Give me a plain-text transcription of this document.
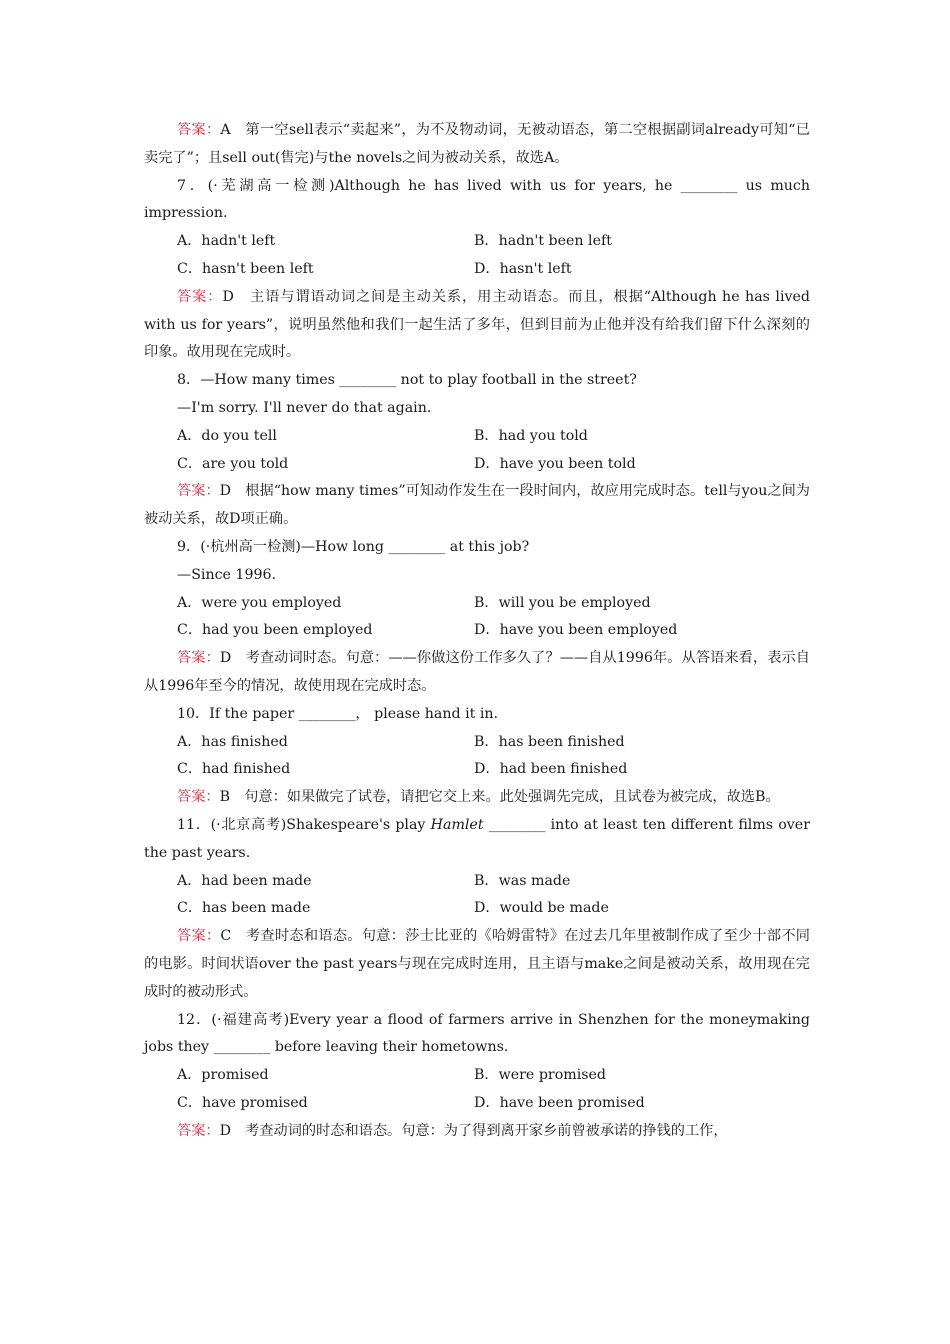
答案：A　第一空sell表示“卖起来”，为不及物动词，无被动语态，第二空根据副词already可知“已卖完了”；且sell out(售完)与the novels之间为被动关系，故选A。

7．(·芜湖高一检测)Although he has lived with us for years, he ________ us much impression.

A．hadn't left	B．hadn't been left
C．hasn't been left	D．hasn't left

答案：D　主语与谓语动词之间是主动关系，用主动语态。而且，根据“Although he has lived with us for years”，说明虽然他和我们一起生活了多年，但到目前为止他并没有给我们留下什么深刻的印象。故用现在完成时。

8．—How many times ________ not to play football in the street?

—I'm sorry. I'll never do that again.

A．do you tell	B．had you told
C．are you told	D．have you been told

答案：D　根据“how many times”可知动作发生在一段时间内，故应用完成时态。tell与you之间为被动关系，故D项正确。

9．(·杭州高一检测)—How long ________ at this job?

—Since 1996.

A．were you employed	B．will you be employed
C．had you been employed	D．have you been employed

答案：D　考查动词时态。句意：——你做这份工作多久了？——自从1996年。从答语来看，表示自从1996年至今的情况，故使用现在完成时态。

10．If the paper ________， please hand it in.

A．has finished	B．has been finished
C．had finished	D．had been finished

答案：B　句意：如果做完了试卷，请把它交上来。此处强调先完成，且试卷为被完成，故选B。

11．(·北京高考)Shakespeare's play Hamlet ________ into at least ten different films over the past years.

A．had been made	B．was made
C．has been made	D．would be made

答案：C　考查时态和语态。句意：莎士比亚的《哈姆雷特》在过去几年里被制作成了至少十部不同的电影。时间状语over the past years与现在完成时连用，且主语与make之间是被动关系，故用现在完成时的被动形式。

12．(·福建高考)Every year a flood of farmers arrive in Shenzhen for the moneymaking jobs they ________ before leaving their hometowns.

A．promised	B．were promised
C．have promised	D．have been promised

答案：D　考查动词的时态和语态。句意：为了得到离开家乡前曾被承诺的挣钱的工作，
